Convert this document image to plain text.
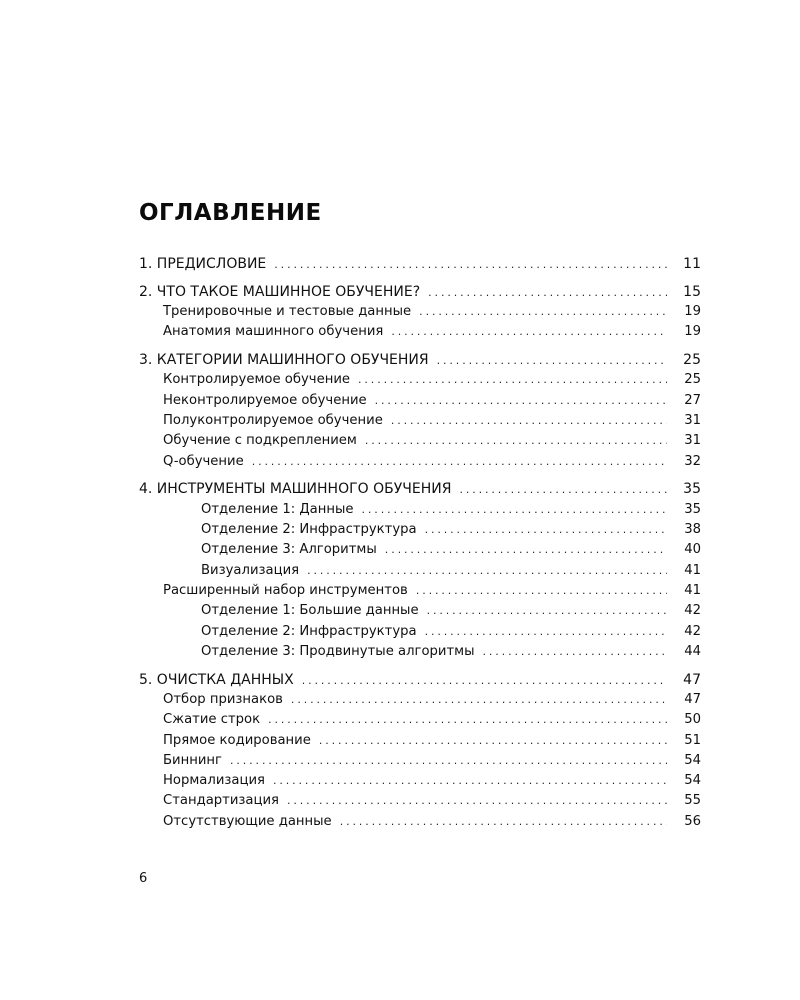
ОГЛАВЛЕНИЕ
1. ПРЕДИСЛОВИЕ . . .	11
2. ЧТО ТАКОЕ МАШИННОЕ ОБУЧЕНИЕ? . . .	15
Тренировочные и тестовые данные . . .	19
Анатомия машинного обучения . . .	19
3. КАТЕГОРИИ МАШИННОГО ОБУЧЕНИЯ . . .	25
Контролируемое обучение . . .	25
Неконтролируемое обучение . . .	27
Полуконтролируемое обучение . . .	31
Обучение с подкреплением . . .	31
Q-обучение . . .	32
4. ИНСТРУМЕНТЫ МАШИННОГО ОБУЧЕНИЯ . . .	35
Отделение 1: Данные . . .	35
Отделение 2: Инфраструктура . . .	38
Отделение 3: Алгоритмы . . .	40
Визуализация . . .	41
Расширенный набор инструментов . . .	41
Отделение 1: Большие данные . . .	42
Отделение 2: Инфраструктура . . .	42
Отделение 3: Продвинутые алгоритмы . . .	44
5. ОЧИСТКА ДАННЫХ . . .	47
Отбор признаков . . .	47
Сжатие строк . . .	50
Прямое кодирование . . .	51
Биннинг . . .	54
Нормализация . . .	54
Стандартизация . . .	55
Отсутствующие данные . . .	56
6
